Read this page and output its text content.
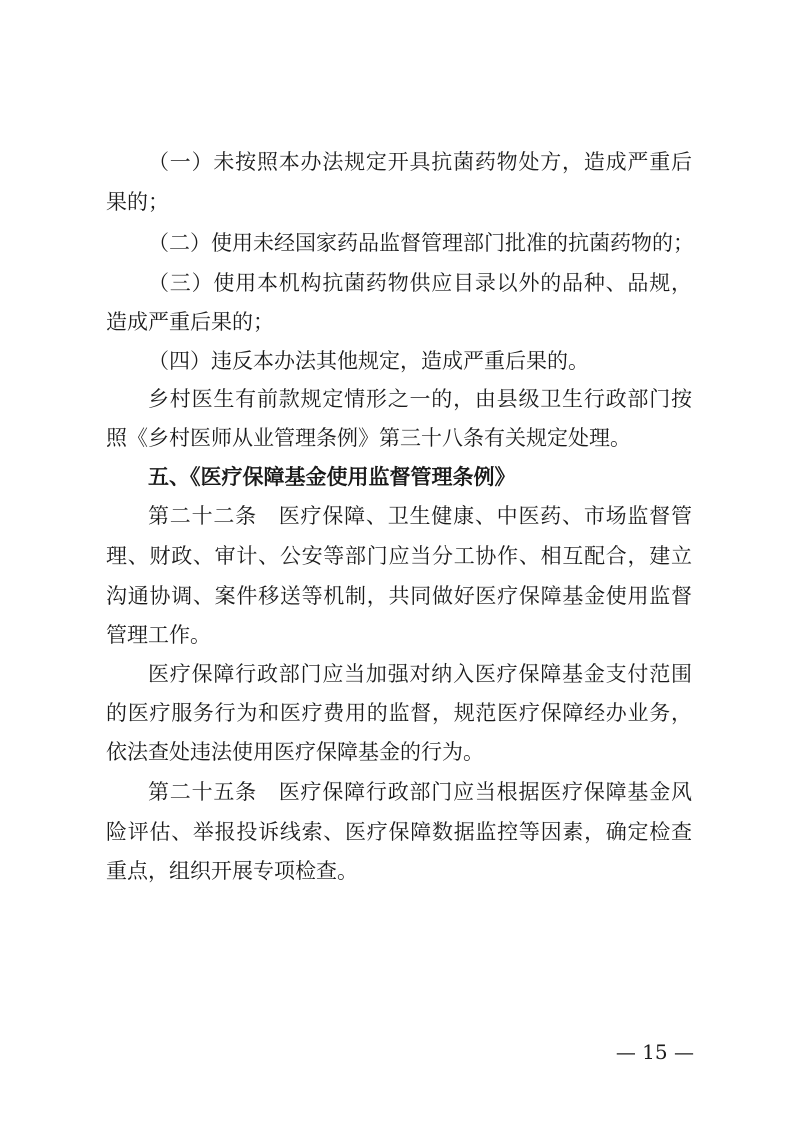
（一）未按照本办法规定开具抗菌药物处方，造成严重后
果的；
（二）使用未经国家药品监督管理部门批准的抗菌药物的；
（三）使用本机构抗菌药物供应目录以外的品种、品规，
造成严重后果的；
（四）违反本办法其他规定，造成严重后果的。
乡村医生有前款规定情形之一的，由县级卫生行政部门按
照《乡村医师从业管理条例》第三十八条有关规定处理。
五、《医疗保障基金使用监督管理条例》
第二十二条　医疗保障、卫生健康、中医药、市场监督管
理、财政、审计、公安等部门应当分工协作、相互配合，建立
沟通协调、案件移送等机制，共同做好医疗保障基金使用监督
管理工作。
医疗保障行政部门应当加强对纳入医疗保障基金支付范围
的医疗服务行为和医疗费用的监督，规范医疗保障经办业务，
依法查处违法使用医疗保障基金的行为。
第二十五条　医疗保障行政部门应当根据医疗保障基金风
险评估、举报投诉线索、医疗保障数据监控等因素，确定检查
重点，组织开展专项检查。
— 15 —
